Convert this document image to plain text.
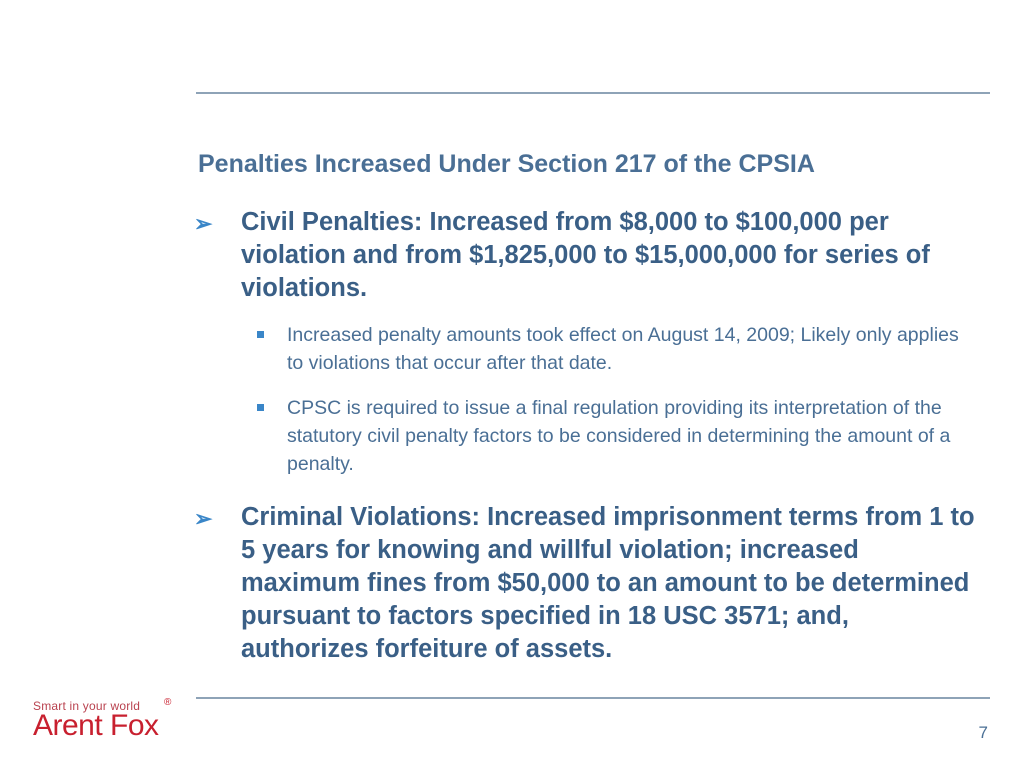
Penalties Increased Under Section 217 of the CPSIA
➢ Civil Penalties: Increased from $8,000 to $100,000 per violation and from $1,825,000 to $15,000,000 for series of violations.
Increased penalty amounts took effect on August 14, 2009; Likely only applies to violations that occur after that date.
CPSC is required to issue a final regulation providing its interpretation of the statutory civil penalty factors to be considered in determining the amount of a penalty.
➢ Criminal Violations: Increased imprisonment terms from 1 to 5 years for knowing and willful violation; increased maximum fines from $50,000 to an amount to be determined pursuant to factors specified in 18 USC 3571; and, authorizes forfeiture of assets.
Smart in your world ®
Arent Fox	7
